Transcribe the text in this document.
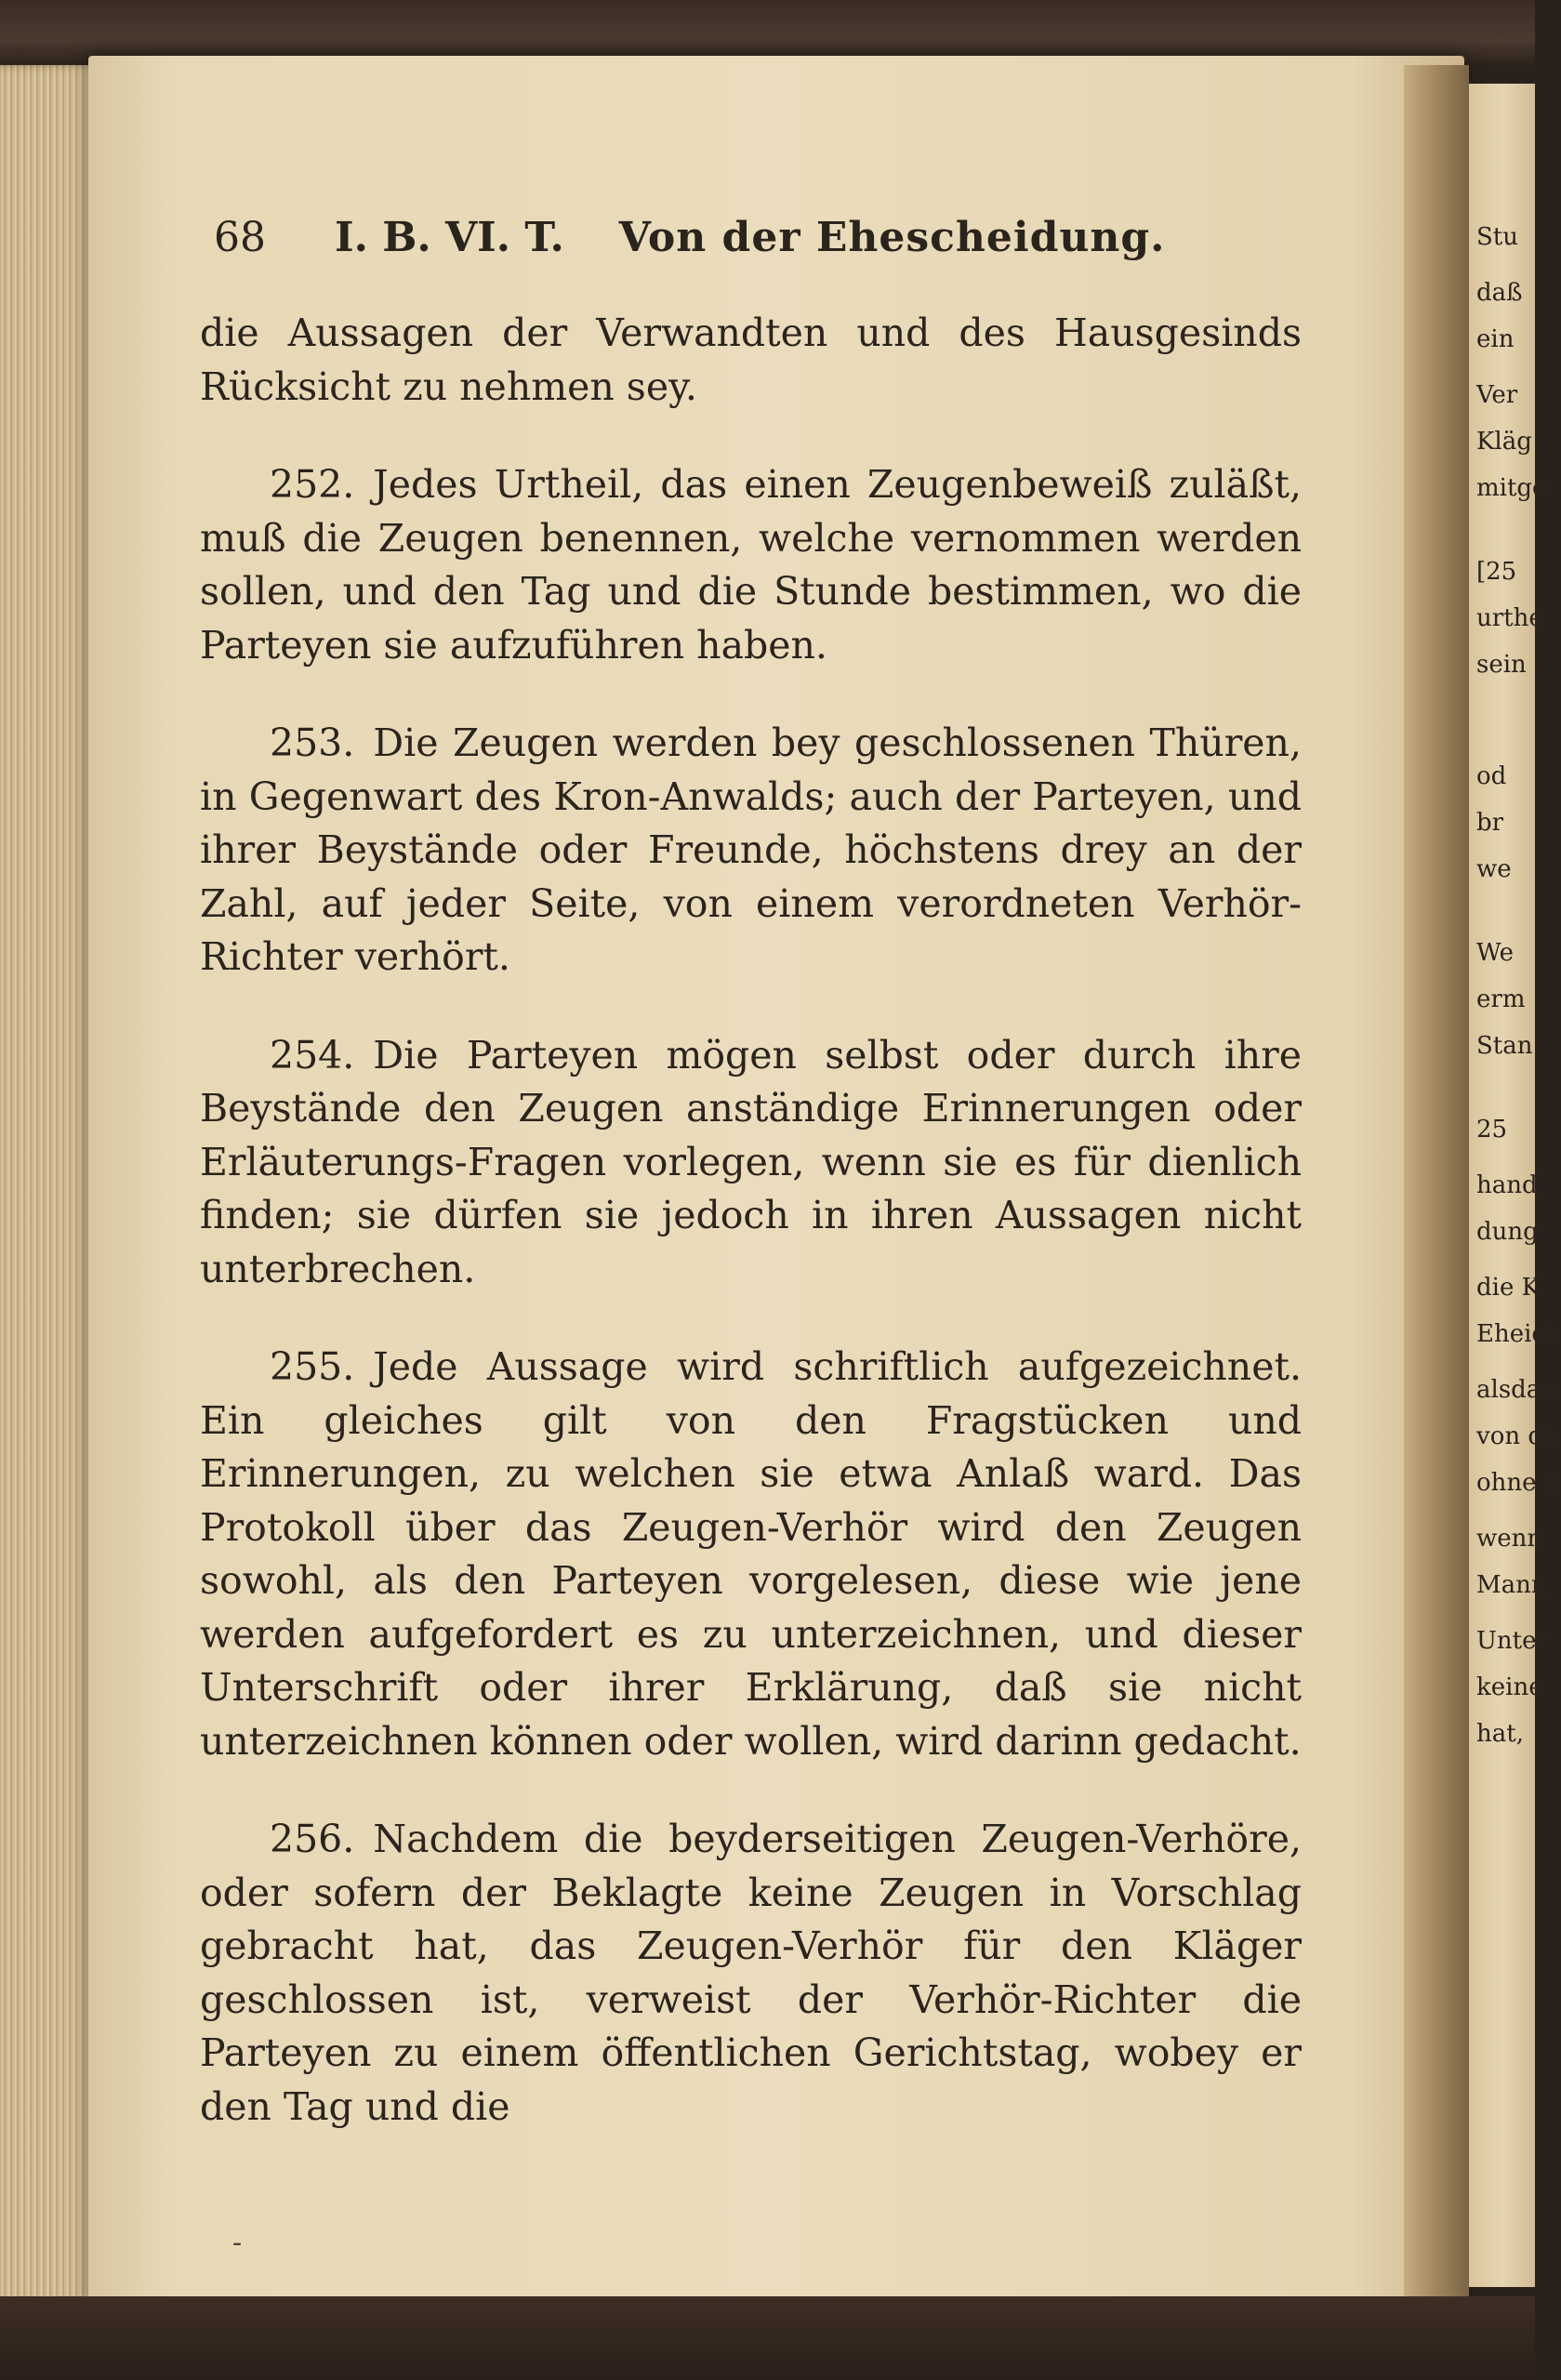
Stu
daß
ein
Ver
Kläg
mitge
[25
urthe
sein
od
br
we
We
erm
Stan
25
handl
dung
die K
Eheich
alsdan
von de
ohne d
wenn
Mann
Unter
keine
hat,
68 I. B. VI. T. Von der Ehescheidung.

die Aussagen der Verwandten und des Hausgesinds Rücksicht zu nehmen sey.

252. Jedes Urtheil, das einen Zeugenbeweiß zuläßt, muß die Zeugen benennen, welche vernommen werden sollen, und den Tag und die Stunde bestimmen, wo die Parteyen sie aufzuführen haben.

253. Die Zeugen werden bey geschlossenen Thüren, in Gegenwart des Kron-Anwalds; auch der Parteyen, und ihrer Beystände oder Freunde, höchstens drey an der Zahl, auf jeder Seite, von einem verordneten Verhör-Richter verhört.

254. Die Parteyen mögen selbst oder durch ihre Beystände den Zeugen anständige Erinnerungen oder Erläuterungs-Fragen vorlegen, wenn sie es für dienlich finden; sie dürfen sie jedoch in ihren Aussagen nicht unterbrechen.

255. Jede Aussage wird schriftlich aufgezeichnet. Ein gleiches gilt von den Fragstücken und Erinnerungen, zu welchen sie etwa Anlaß ward. Das Protokoll über das Zeugen-Verhör wird den Zeugen sowohl, als den Parteyen vorgelesen, diese wie jene werden aufgefordert es zu unterzeichnen, und dieser Unterschrift oder ihrer Erklärung, daß sie nicht unterzeichnen können oder wollen, wird darinn gedacht.

256. Nachdem die beyderseitigen Zeugen-Verhöre, oder sofern der Beklagte keine Zeugen in Vorschlag gebracht hat, das Zeugen-Verhör für den Kläger geschlossen ist, verweist der Verhör-Richter die Parteyen zu einem öffentlichen Gerichtstag, wobey er den Tag und die

-
